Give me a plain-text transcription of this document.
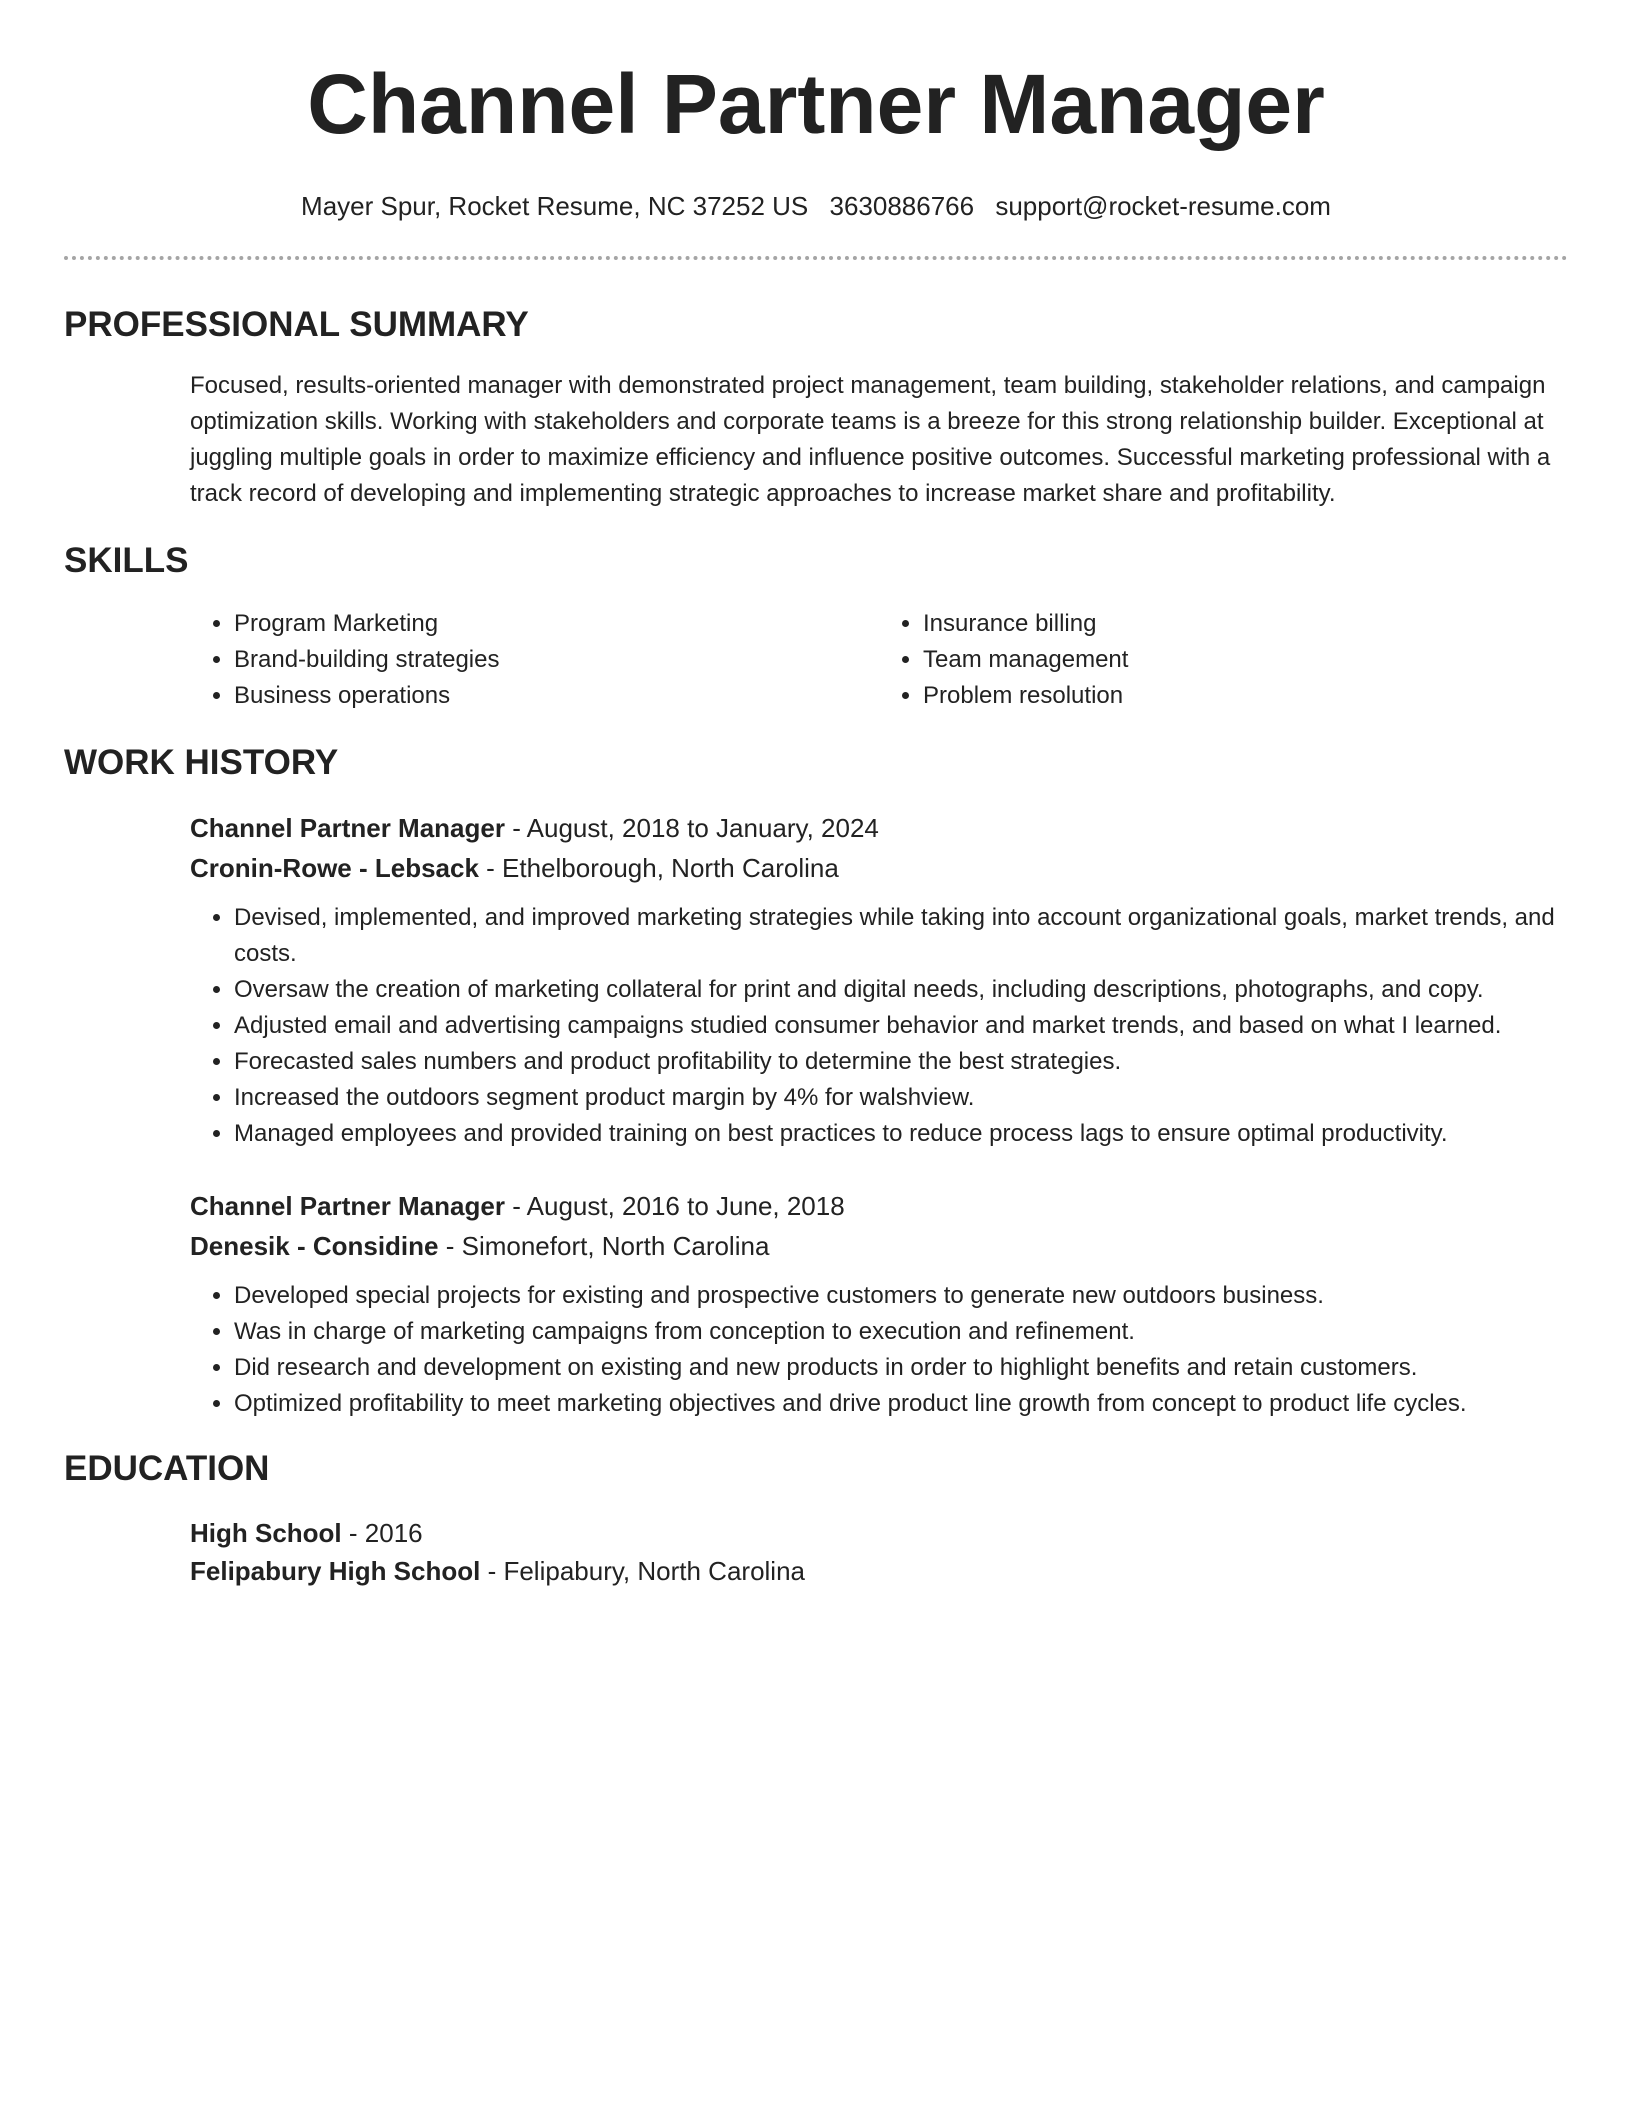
Channel Partner Manager
Mayer Spur, Rocket Resume, NC 37252 US 3630886766 support@rocket-resume.com
PROFESSIONAL SUMMARY
Focused, results-oriented manager with demonstrated project management, team building, stakeholder relations, and campaign optimization skills. Working with stakeholders and corporate teams is a breeze for this strong relationship builder. Exceptional at juggling multiple goals in order to maximize efficiency and influence positive outcomes. Successful marketing professional with a track record of developing and implementing strategic approaches to increase market share and profitability.
SKILLS
• Program Marketing
• Brand-building strategies
• Business operations
• Insurance billing
• Team management
• Problem resolution
WORK HISTORY
Channel Partner Manager - August, 2018 to January, 2024
Cronin-Rowe - Lebsack - Ethelborough, North Carolina
• Devised, implemented, and improved marketing strategies while taking into account organizational goals, market trends, and costs.
• Oversaw the creation of marketing collateral for print and digital needs, including descriptions, photographs, and copy.
• Adjusted email and advertising campaigns studied consumer behavior and market trends, and based on what I learned.
• Forecasted sales numbers and product profitability to determine the best strategies.
• Increased the outdoors segment product margin by 4% for walshview.
• Managed employees and provided training on best practices to reduce process lags to ensure optimal productivity.
Channel Partner Manager - August, 2016 to June, 2018
Denesik - Considine - Simonefort, North Carolina
• Developed special projects for existing and prospective customers to generate new outdoors business.
• Was in charge of marketing campaigns from conception to execution and refinement.
• Did research and development on existing and new products in order to highlight benefits and retain customers.
• Optimized profitability to meet marketing objectives and drive product line growth from concept to product life cycles.
EDUCATION
High School - 2016
Felipabury High School - Felipabury, North Carolina
